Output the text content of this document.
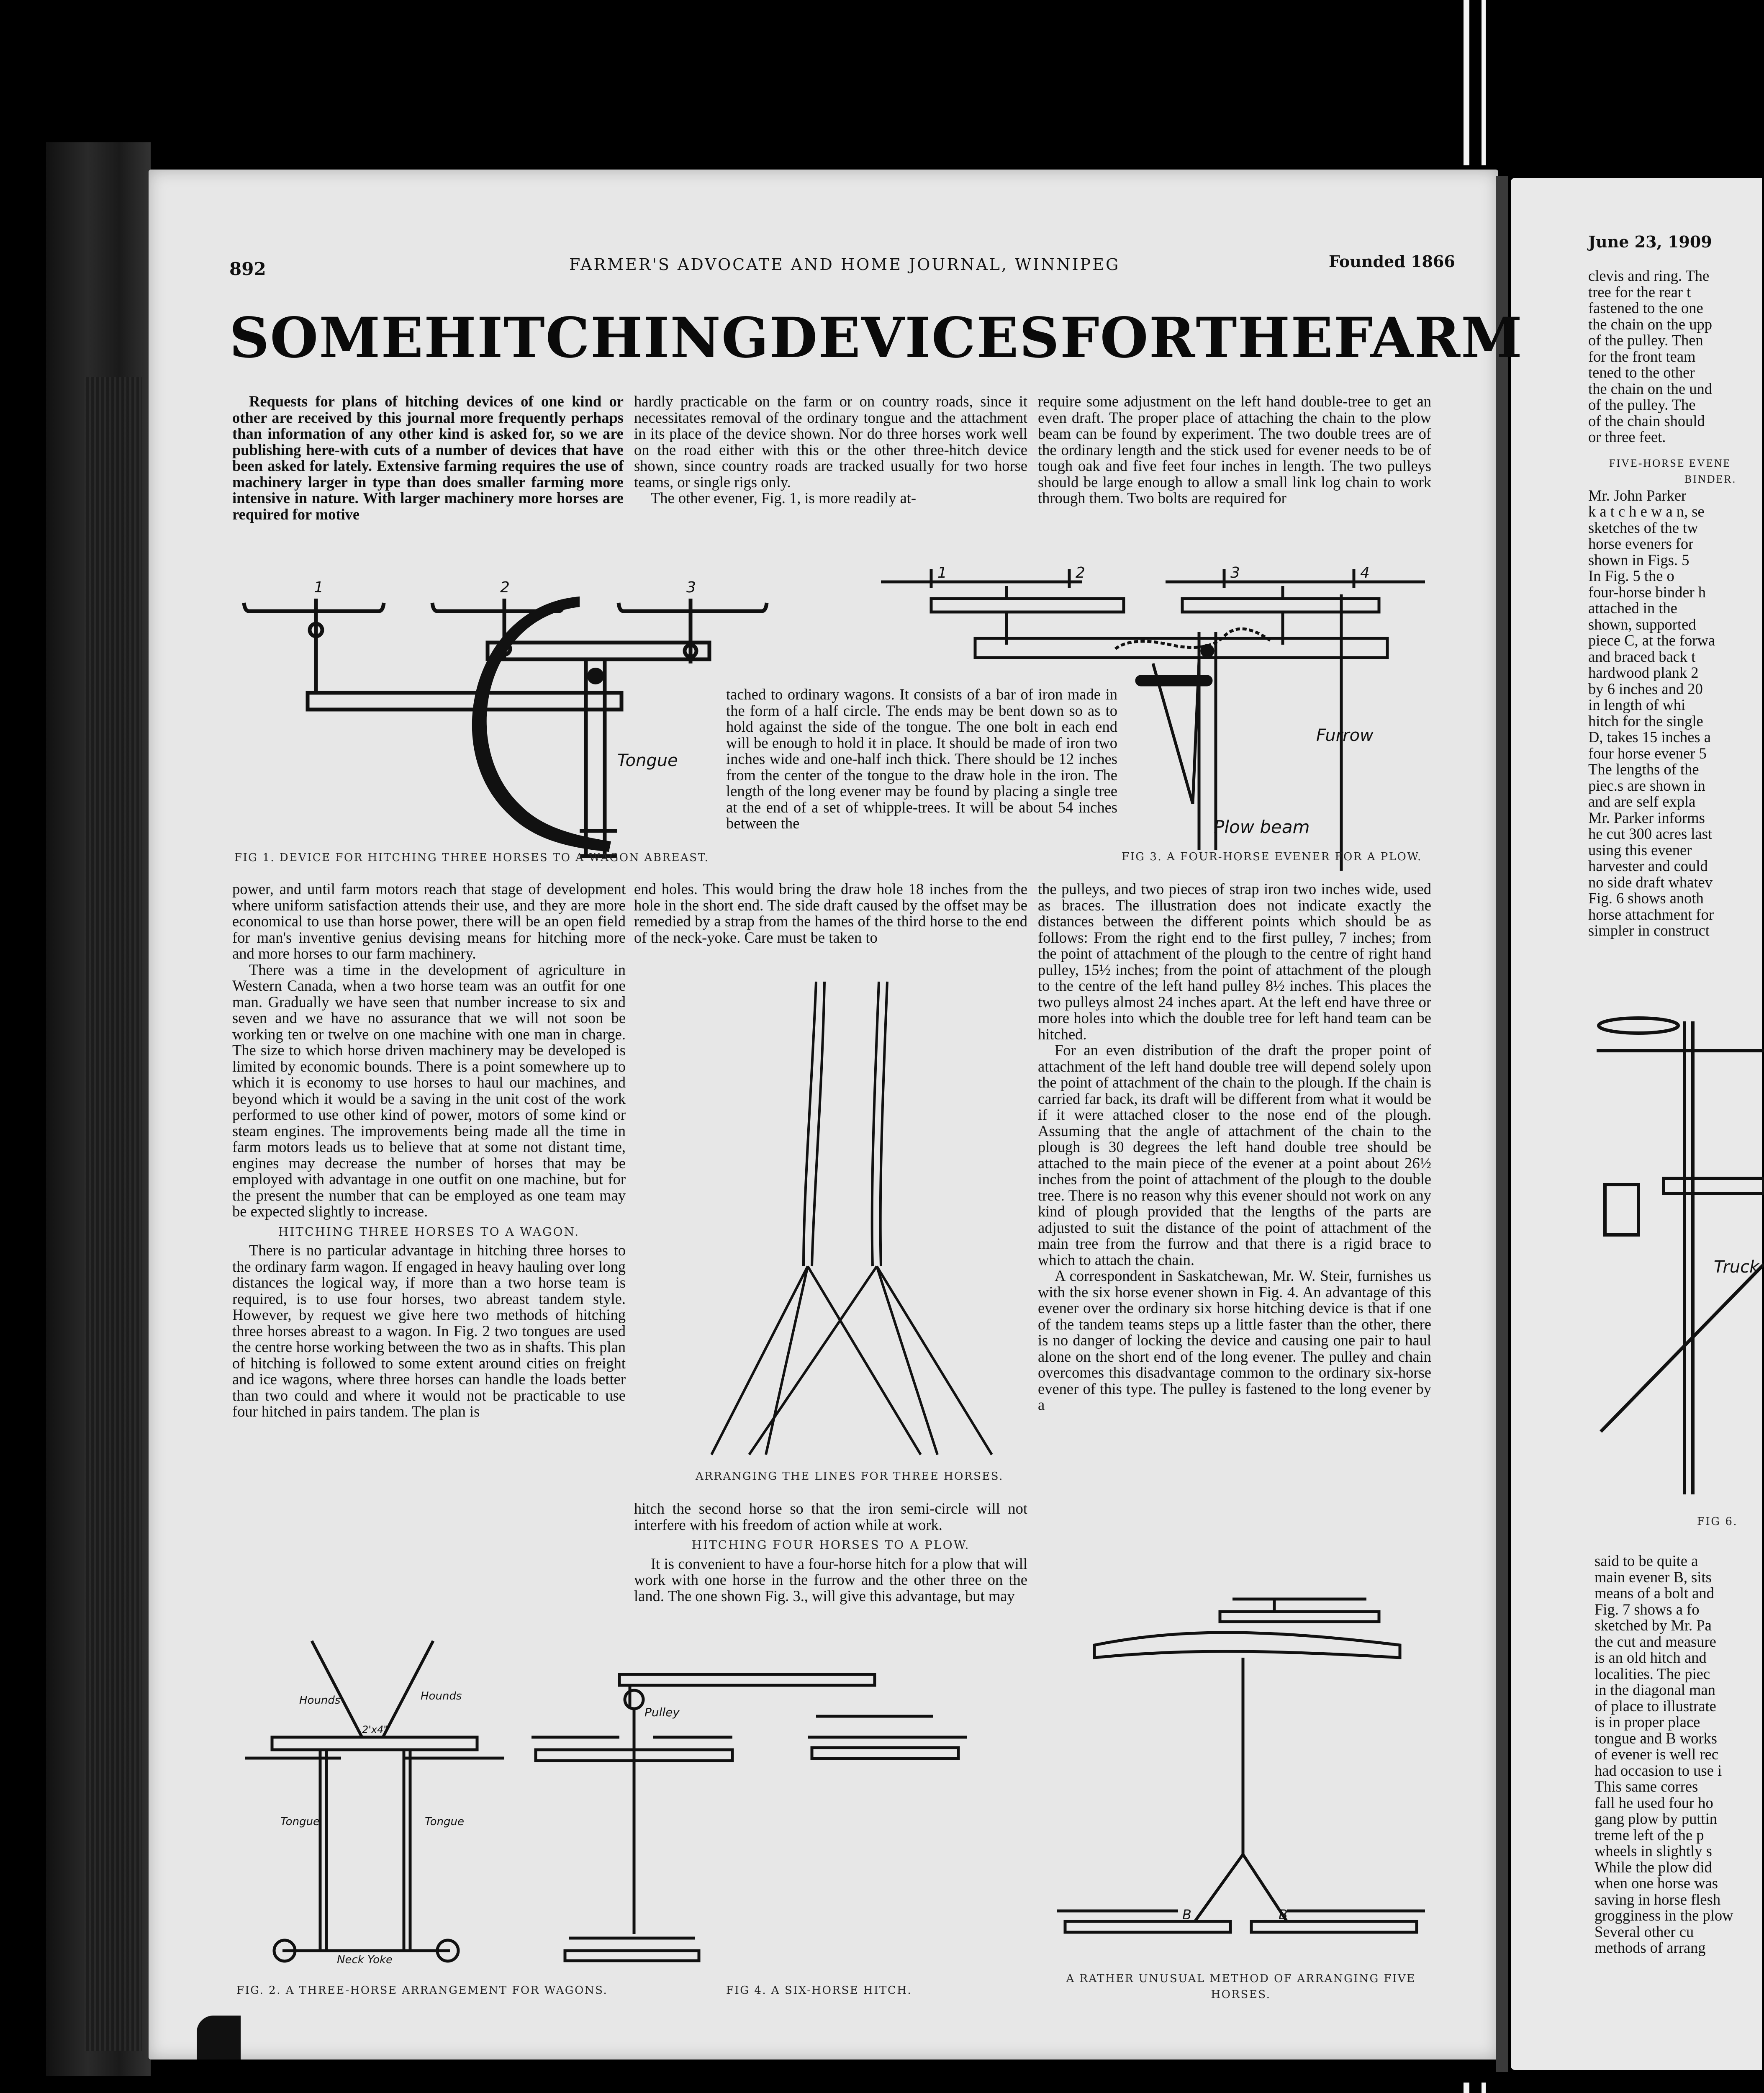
892	FARMER'S ADVOCATE AND HOME JOURNAL, WINNIPEG	Founded 1866
SOME HITCHING DEVICES FOR THE FARM

Requests for plans of hitching devices of one kind or other are received by this journal more frequently perhaps than information of any other kind is asked for, so we are publishing here-with cuts of a number of devices that have been asked for lately. Extensive farming requires the use of machinery larger in type than does smaller farming more intensive in nature. With larger machinery more horses are required for motive

hardly practicable on the farm or on country roads, since it necessitates removal of the ordinary tongue and the attachment in its place of the device shown. Nor do three horses work well on the road either with this or the other three-hitch device shown, since country roads are tracked usually for two horse teams, or single rigs only.

The other evener, Fig. 1, is more readily at-

require some adjustment on the left hand double-tree to get an even draft. The proper place of attaching the chain to the plow beam can be found by experiment. The two double trees are of the ordinary length and the stick used for evener needs to be of tough oak and five feet four inches in length. The two pulleys should be large enough to allow a small link log chain to work through them. Two bolts are required for

1	2	3
Tongue
FIG 1. DEVICE FOR HITCHING THREE HORSES TO A WAGON ABREAST.
1	2	3	4
Furrow
Plow beam
FIG 3. A FOUR-HORSE EVENER FOR A PLOW.

tached to ordinary wagons. It consists of a bar of iron made in the form of a half circle. The ends may be bent down so as to hold against the side of the tongue. The one bolt in each end will be enough to hold it in place. It should be made of iron two inches wide and one-half inch thick. There should be 12 inches from the center of the tongue to the draw hole in the iron. The length of the long evener may be found by placing a single tree at the end of a set of whipple-trees. It will be about 54 inches between the

power, and until farm motors reach that stage of development where uniform satisfaction attends their use, and they are more economical to use than horse power, there will be an open field for man's inventive genius devising means for hitching more and more horses to our farm machinery.

There was a time in the development of agriculture in Western Canada, when a two horse team was an outfit for one man. Gradually we have seen that number increase to six and seven and we have no assurance that we will not soon be working ten or twelve on one machine with one man in charge. The size to which horse driven machinery may be developed is limited by economic bounds. There is a point somewhere up to which it is economy to use horses to haul our machines, and beyond which it would be a saving in the unit cost of the work performed to use other kind of power, motors of some kind or steam engines. The improvements being made all the time in farm motors leads us to believe that at some not distant time, engines may decrease the number of horses that may be employed with advantage in one outfit on one machine, but for the present the number that can be employed as one team may be expected slightly to increase.

HITCHING THREE HORSES TO A WAGON.

There is no particular advantage in hitching three horses to the ordinary farm wagon. If engaged in heavy hauling over long distances the logical way, if more than a two horse team is required, is to use four horses, two abreast tandem style. However, by request we give here two methods of hitching three horses abreast to a wagon. In Fig. 2 two tongues are used the centre horse working between the two as in shafts. This plan of hitching is followed to some extent around cities on freight and ice wagons, where three horses can handle the loads better than two could and where it would not be practicable to use four hitched in pairs tandem. The plan is

end holes. This would bring the draw hole 18 inches from the hole in the short end. The side draft caused by the offset may be remedied by a strap from the hames of the third horse to the end of the neck-yoke. Care must be taken to

ARRANGING THE LINES FOR THREE HORSES.

hitch the second horse so that the iron semi-circle will not interfere with his freedom of action while at work.

HITCHING FOUR HORSES TO A PLOW.

It is convenient to have a four-horse hitch for a plow that will work with one horse in the furrow and the other three on the land. The one shown Fig. 3., will give this advantage, but may

the pulleys, and two pieces of strap iron two inches wide, used as braces. The illustration does not indicate exactly the distances between the different points which should be as follows: From the right end to the first pulley, 7 inches; from the point of attachment of the plough to the centre of right hand pulley, 15½ inches; from the point of attachment of the plough to the centre of the left hand pulley 8½ inches. This places the two pulleys almost 24 inches apart. At the left end have three or more holes into which the double tree for left hand team can be hitched.

For an even distribution of the draft the proper point of attachment of the left hand double tree will depend solely upon the point of attachment of the chain to the plough. If the chain is carried far back, its draft will be different from what it would be if it were attached closer to the nose end of the plough. Assuming that the angle of attachment of the chain to the plough is 30 degrees the left hand double tree should be attached to the main piece of the evener at a point about 26½ inches from the point of attachment of the plough to the double tree. There is no reason why this evener should not work on any kind of plough provided that the lengths of the parts are adjusted to suit the distance of the point of attachment of the main tree from the furrow and that there is a rigid brace to which to attach the chain.

A correspondent in Saskatchewan, Mr. W. Steir, furnishes us with the six horse evener shown in Fig. 4. An advantage of this evener over the ordinary six horse hitching device is that if one of the tandem teams steps up a little faster than the other, there is no danger of locking the device and causing one pair to haul alone on the short end of the long evener. The pulley and chain overcomes this disadvantage common to the ordinary six-horse evener of this type. The pulley is fastened to the long evener by a

Hounds	Hounds
2'x4"
Tongue	Tongue
Neck Yoke
FIG. 2. A THREE-HORSE ARRANGEMENT FOR WAGONS.
Pulley
FIG 4. A SIX-HORSE HITCH.
B	B
A RATHER UNUSUAL METHOD OF ARRANGING FIVE
HORSES.
June 23, 1909
clevis and ring. The
tree for the rear t
fastened to the one
the chain on the upp
of the pulley. Then
for the front team
tened to the other
the chain on the und
of the pulley. The
of the chain should
or three feet.
FIVE-HORSE EVENE
BINDER.
Mr. John Parker
k a t c h e w a n, se
sketches of the tw
horse eveners for
shown in Figs. 5
In Fig. 5 the o
four-horse binder h
attached in the
shown, supported
piece C, at the forwa
and braced back t
hardwood plank 2
by 6 inches and 20
in length of whi
hitch for the single
D, takes 15 inches a
four horse evener 5
The lengths of the
piec.s are shown in
and are self expla
Mr. Parker informs
he cut 300 acres last
using this evener
harvester and could
no side draft whatev
Fig. 6 shows anoth
horse attachment for
simpler in construct
Truck
FIG 6.
said to be quite a
main evener B, sits
means of a bolt and
Fig. 7 shows a fo
sketched by Mr. Pa
the cut and measure
is an old hitch and
localities. The piec
in the diagonal man
of place to illustrate
is in proper place
tongue and B works
of evener is well rec
had occasion to use i
This same corres
fall he used four ho
gang plow by puttin
treme left of the p
wheels in slightly s
While the plow did
when one horse was
saving in horse flesh
grogginess in the plow
Several other cu
methods of arrang
